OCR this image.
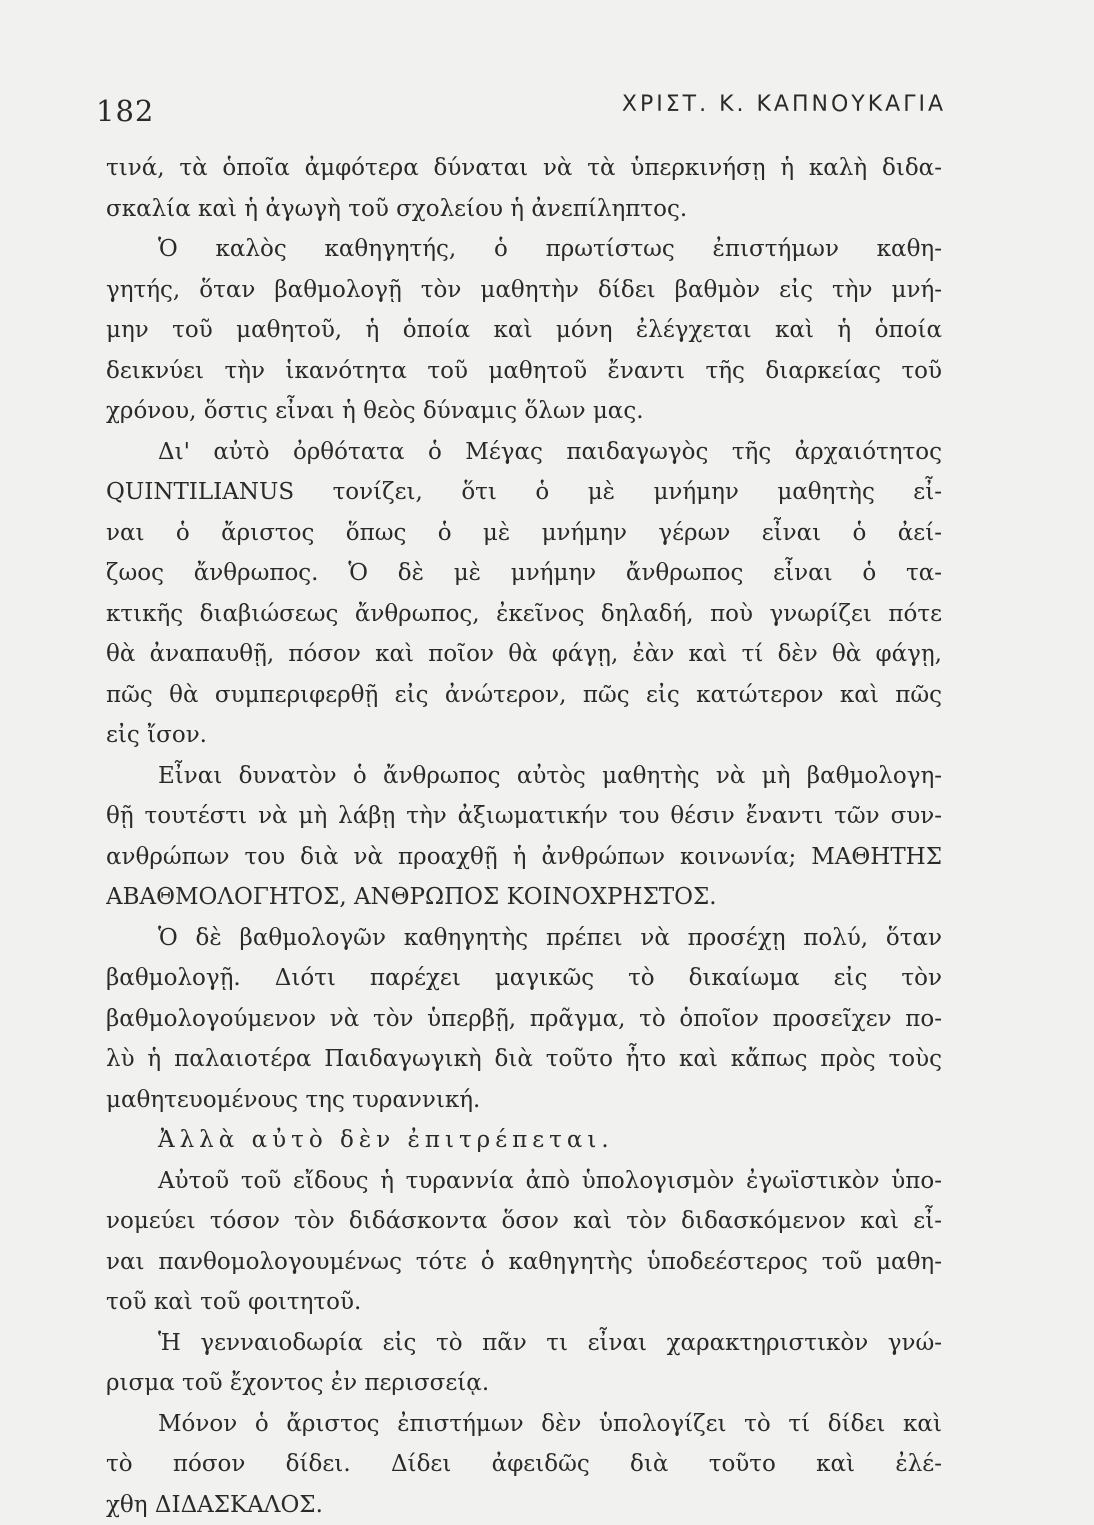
182	ΧΡΙΣΤ. Κ. ΚΑΠΝΟΥΚΑΓΙΑ
τινά, τὰ ὁποῖα ἀμφότερα δύναται νὰ τὰ ὑπερκινήσῃ ἡ καλὴ διδα-
σκαλία καὶ ἡ ἀγωγὴ τοῦ σχολείου ἡ ἀνεπίληπτος.
Ὁ καλὸς καθηγητής, ὁ πρωτίστως ἐπιστήμων καθη-
γητής, ὅταν βαθμολογῇ τὸν μαθητὴν δίδει βαθμὸν εἰς τὴν μνή-
μην τοῦ μαθητοῦ, ἡ ὁποία καὶ μόνη ἐλέγχεται καὶ ἡ ὁποία
δεικνύει τὴν ἱκανότητα τοῦ μαθητοῦ ἔναντι τῆς διαρκείας τοῦ
χρόνου, ὅστις εἶναι ἡ θεὸς δύναμις ὅλων μας.
Δι' αὐτὸ ὀρθότατα ὁ Μέγας παιδαγωγὸς τῆς ἀρχαιότητος
QUINTILIANUS τονίζει, ὅτι ὁ μὲ μνήμην μαθητὴς εἶ-
ναι ὁ ἄριστος ὅπως ὁ μὲ μνήμην γέρων εἶναι ὁ ἀεί-
ζωος ἄνθρωπος. Ὁ δὲ μὲ μνήμην ἄνθρωπος εἶναι ὁ τα-
κτικῆς διαβιώσεως ἄνθρωπος, ἐκεῖνος δηλαδή, ποὺ γνωρίζει πότε
θὰ ἀναπαυθῇ, πόσον καὶ ποῖον θὰ φάγῃ, ἐὰν καὶ τί δὲν θὰ φάγῃ,
πῶς θὰ συμπεριφερθῇ εἰς ἀνώτερον, πῶς εἰς κατώτερον καὶ πῶς
εἰς ἴσον.
Εἶναι δυνατὸν ὁ ἄνθρωπος αὐτὸς μαθητὴς νὰ μὴ βαθμολογη-
θῇ τουτέστι νὰ μὴ λάβῃ τὴν ἀξιωματικήν του θέσιν ἔναντι τῶν συν-
ανθρώπων του διὰ νὰ προαχθῇ ἡ ἀνθρώπων κοινωνία; ΜΑΘΗΤΗΣ
ΑΒΑΘΜΟΛΟΓΗΤΟΣ, ΑΝΘΡΩΠΟΣ ΚΟΙΝΟΧΡΗΣΤΟΣ.
Ὁ δὲ βαθμολογῶν καθηγητὴς πρέπει νὰ προσέχῃ πολύ, ὅταν
βαθμολογῇ. Διότι παρέχει μαγικῶς τὸ δικαίωμα εἰς τὸν
βαθμολογούμενον νὰ τὸν ὑπερβῇ, πρᾶγμα, τὸ ὁποῖον προσεῖχεν πο-
λὺ ἡ παλαιοτέρα Παιδαγωγικὴ διὰ τοῦτο ἦτο καὶ κἄπως πρὸς τοὺς
μαθητευομένους της τυραννική.
Ἀλλὰ αὐτὸ δὲν ἐπιτρέπεται.
Αὐτοῦ τοῦ εἴδους ἡ τυραννία ἀπὸ ὑπολογισμὸν ἐγωϊστικὸν ὑπο-
νομεύει τόσον τὸν διδάσκοντα ὅσον καὶ τὸν διδασκόμενον καὶ εἶ-
ναι πανθομολογουμένως τότε ὁ καθηγητὴς ὑποδεέστερος τοῦ μαθη-
τοῦ καὶ τοῦ φοιτητοῦ.
Ἡ γενναιοδωρία εἰς τὸ πᾶν τι εἶναι χαρακτηριστικὸν γνώ-
ρισμα τοῦ ἔχοντος ἐν περισσείᾳ.
Μόνον ὁ ἄριστος ἐπιστήμων δὲν ὑπολογίζει τὸ τί δίδει καὶ
τὸ πόσον δίδει. Δίδει ἀφειδῶς διὰ τοῦτο καὶ ἐλέ-
χθη ΔΙΔΑΣΚΑΛΟΣ.
